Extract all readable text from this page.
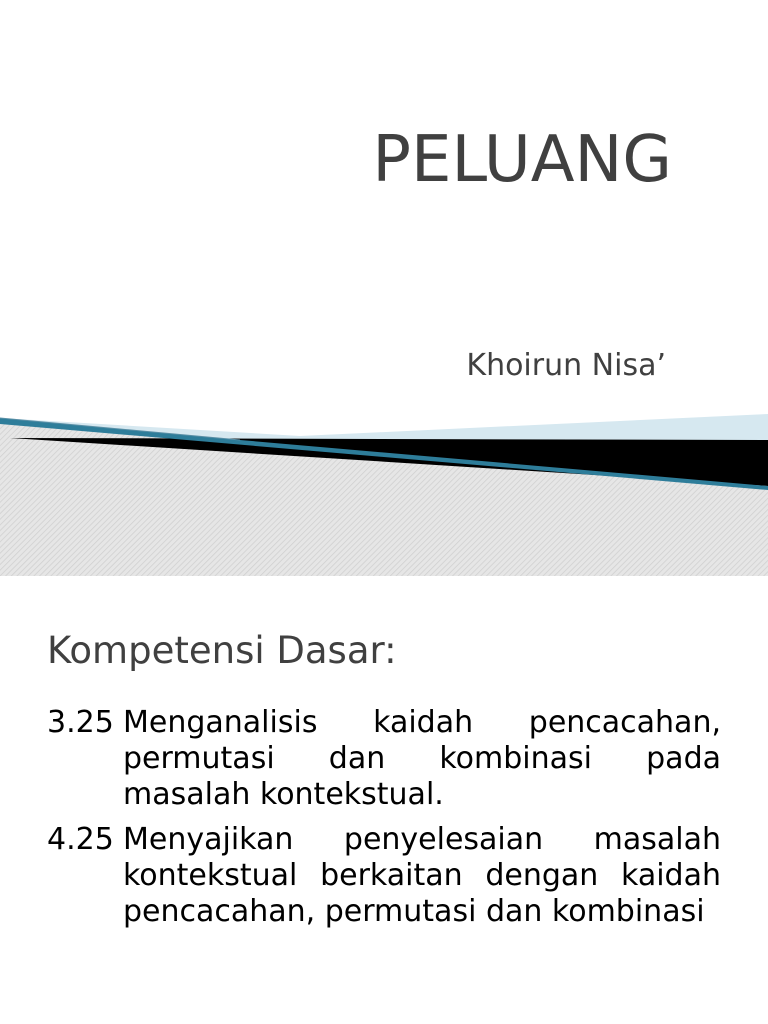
PELUANG
Khoirun Nisa’
Kompetensi Dasar:
3.25 Menganalisis kaidah pencacahan, permutasi dan kombinasi pada masalah kontekstual.
4.25 Menyajikan penyelesaian masalah kontekstual berkaitan dengan kaidah pencacahan, permutasi dan kombinasi
